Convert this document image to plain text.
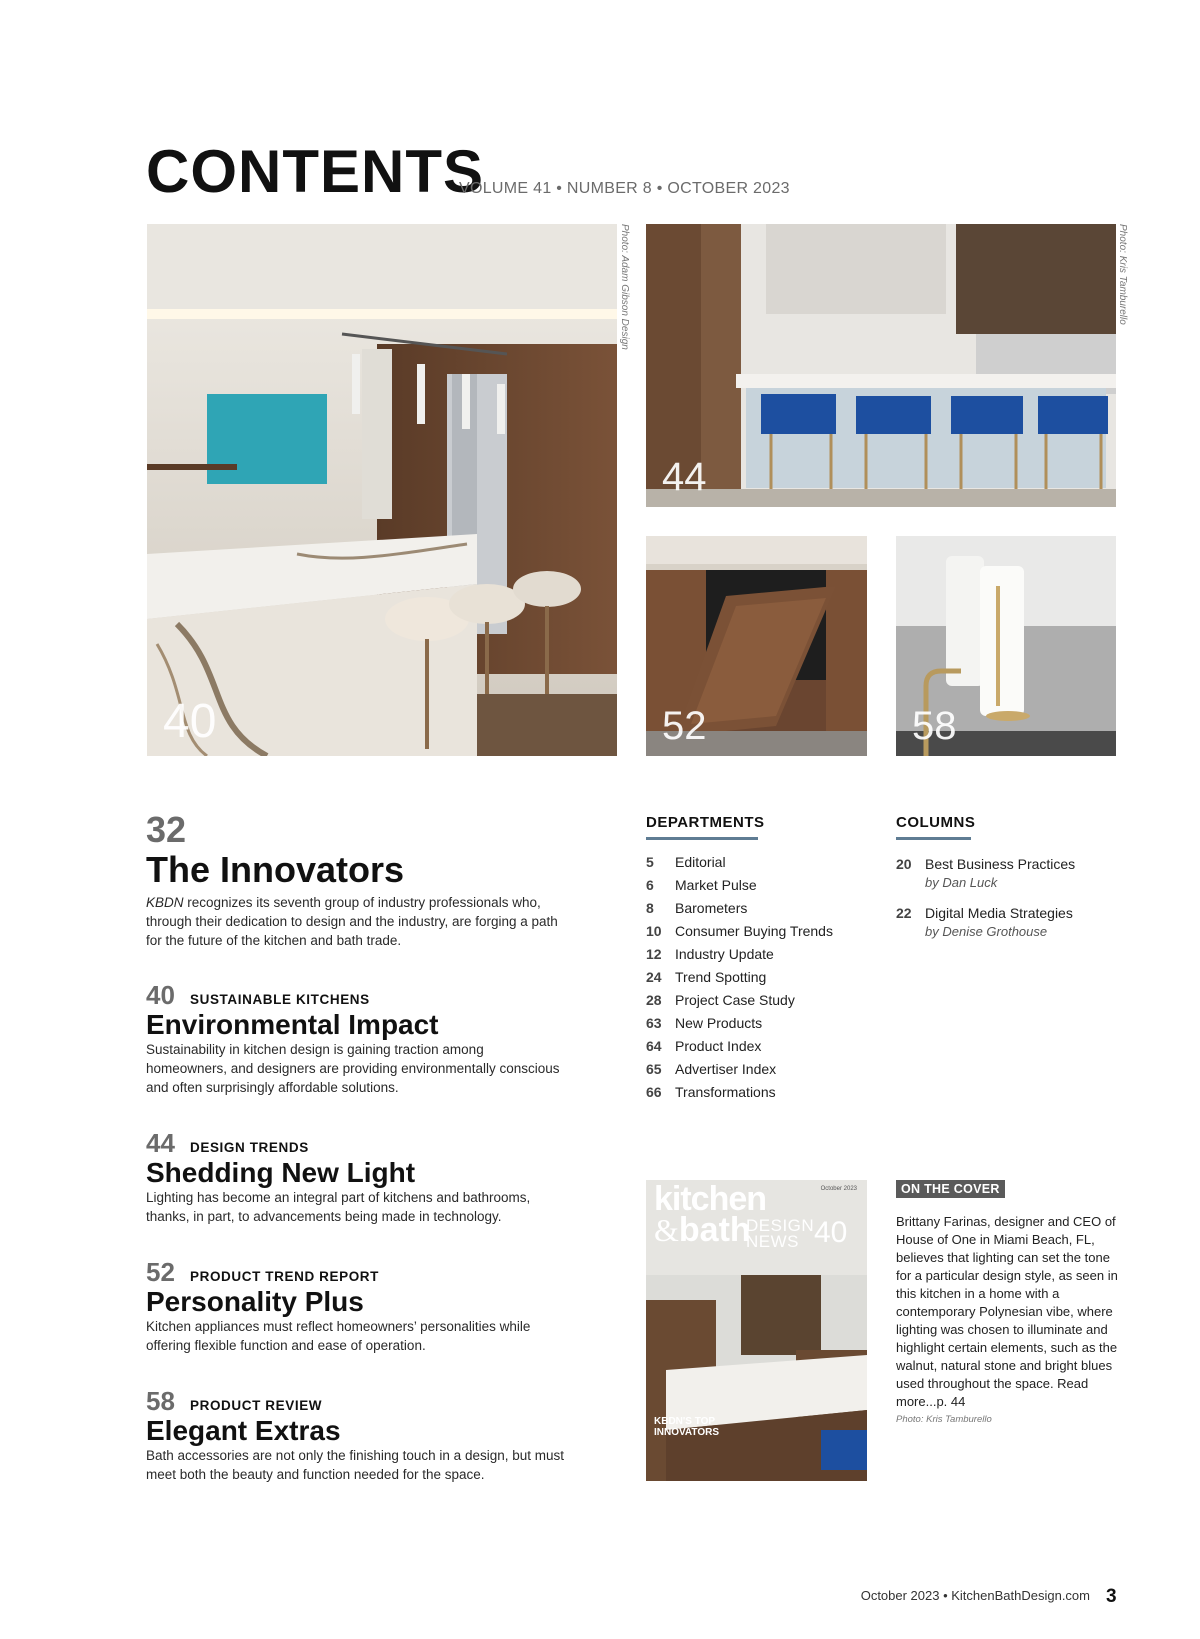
CONTENTS
VOLUME 41 • NUMBER 8 • OCTOBER 2023
40
Photo: Adam Gibson Design
44
Photo: Kris Tamburello
52	58
32
The Innovators
KBDN recognizes its seventh group of industry professionals who, through their dedication to design and the industry, are forging a path for the future of the kitchen and bath trade.
40 SUSTAINABLE KITCHENS
Environmental Impact
Sustainability in kitchen design is gaining traction among homeowners, and designers are providing environmentally conscious and often surprisingly affordable solutions.
44 DESIGN TRENDS
Shedding New Light
Lighting has become an integral part of kitchens and bathrooms, thanks, in part, to advancements being made in technology.
52 PRODUCT TREND REPORT
Personality Plus
Kitchen appliances must reflect homeowners’ personalities while offering flexible function and ease of operation.
58 PRODUCT REVIEW
Elegant Extras
Bath accessories are not only the finishing touch in a design, but must meet both the beauty and function needed for the space.
DEPARTMENTS
5 Editorial
6 Market Pulse
8 Barometers
10 Consumer Buying Trends
12 Industry Update
24 Trend Spotting
28 Project Case Study
63 New Products
64 Product Index
65 Advertiser Index
66 Transformations
COLUMNS
20 Best Business Practices
by Dan Luck
22 Digital Media Strategies
by Denise Grothouse
kitchen
&bath
DESIGN
NEWS 40
October 2023
KBDN'S TOP INNOVATORS
ON THE COVER
Brittany Farinas, designer and CEO of House of One in Miami Beach, FL, believes that lighting can set the tone for a particular design style, as seen in this kitchen in a home with a contemporary Polynesian vibe, where lighting was chosen to illuminate and highlight certain elements, such as the walnut, natural stone and bright blues used throughout the space. Read more...p. 44
Photo: Kris Tamburello
October 2023 • KitchenBathDesign.com 3
